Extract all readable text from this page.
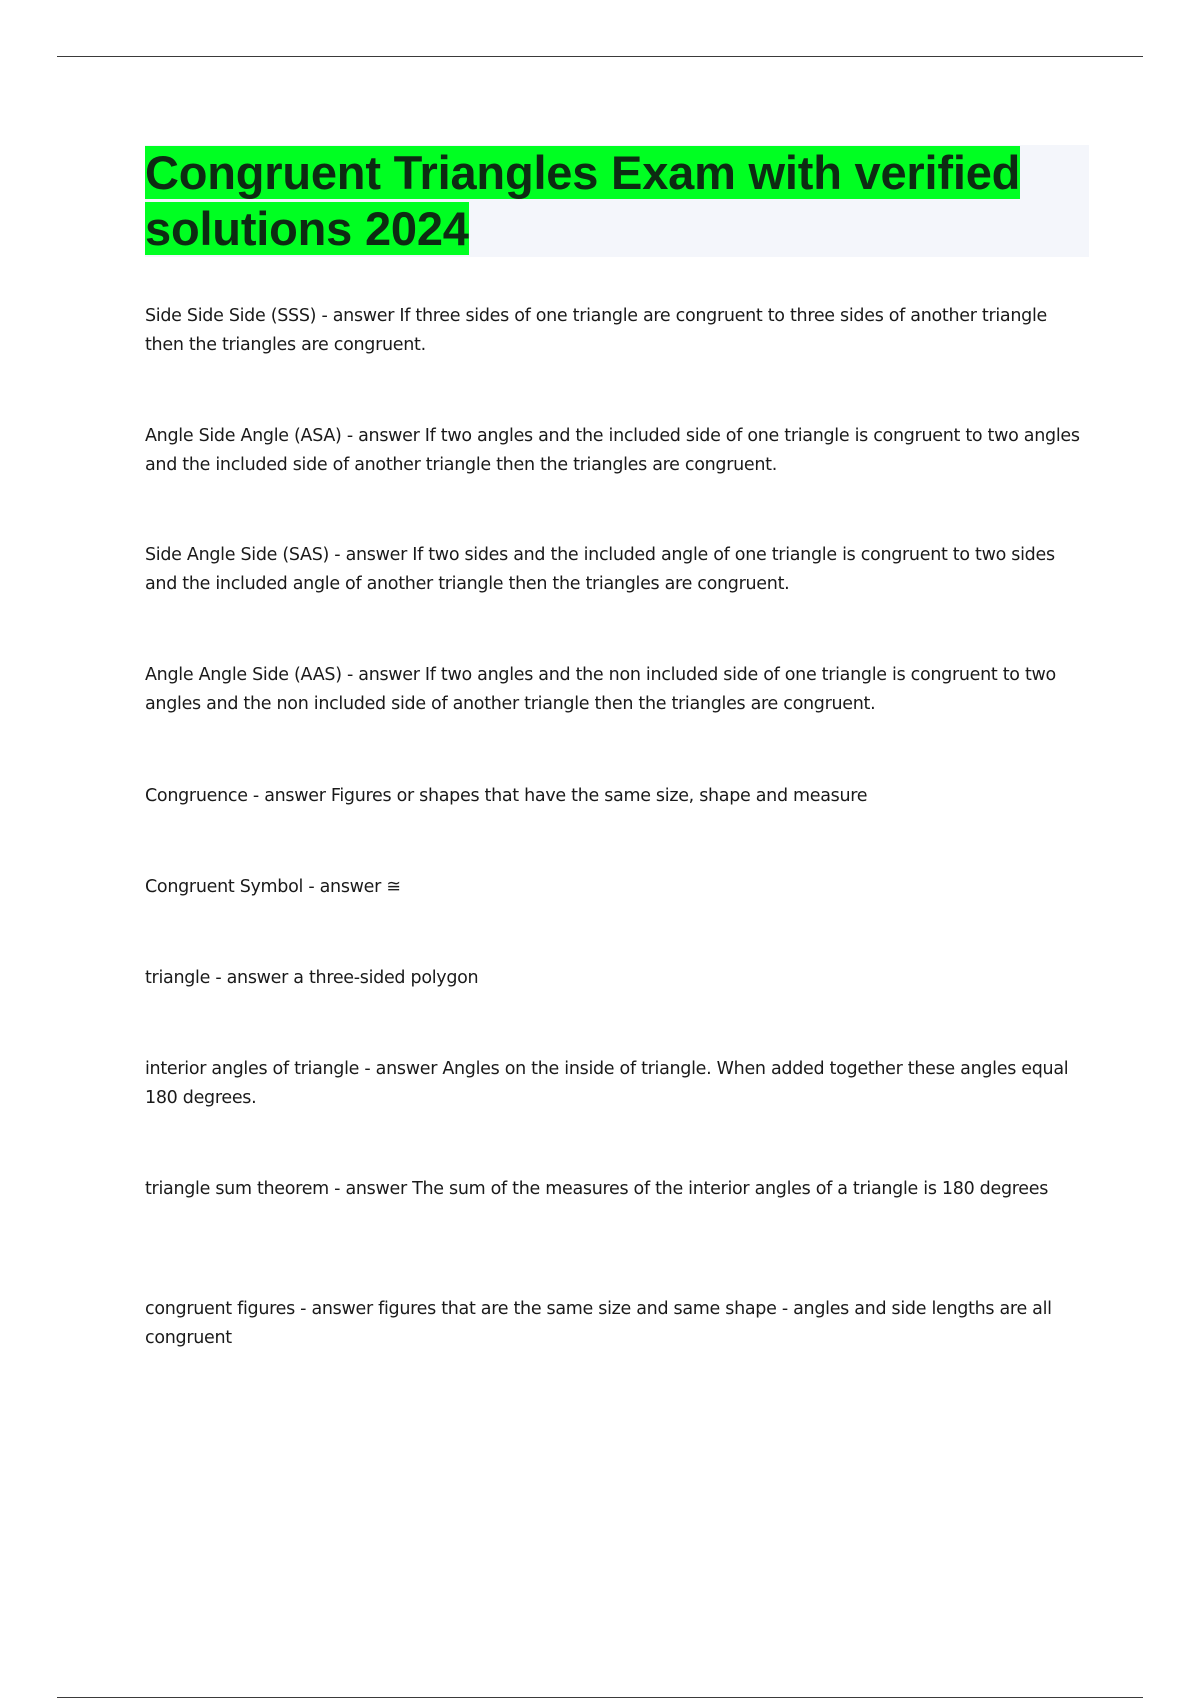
Congruent Triangles Exam with verified solutions 2024

Side Side Side (SSS) - answer If three sides of one triangle are congruent to three sides of another triangle then the triangles are congruent.

Angle Side Angle (ASA) - answer If two angles and the included side of one triangle is congruent to two angles and the included side of another triangle then the triangles are congruent.

Side Angle Side (SAS) - answer If two sides and the included angle of one triangle is congruent to two sides and the included angle of another triangle then the triangles are congruent.

Angle Angle Side (AAS) - answer If two angles and the non included side of one triangle is congruent to two angles and the non included side of another triangle then the triangles are congruent.

Congruence - answer Figures or shapes that have the same size, shape and measure

Congruent Symbol - answer ≅

triangle - answer a three-sided polygon

interior angles of triangle - answer Angles on the inside of triangle. When added together these angles equal 180 degrees.

triangle sum theorem - answer The sum of the measures of the interior angles of a triangle is 180 degrees

congruent figures - answer figures that are the same size and same shape - angles and side lengths are all congruent
